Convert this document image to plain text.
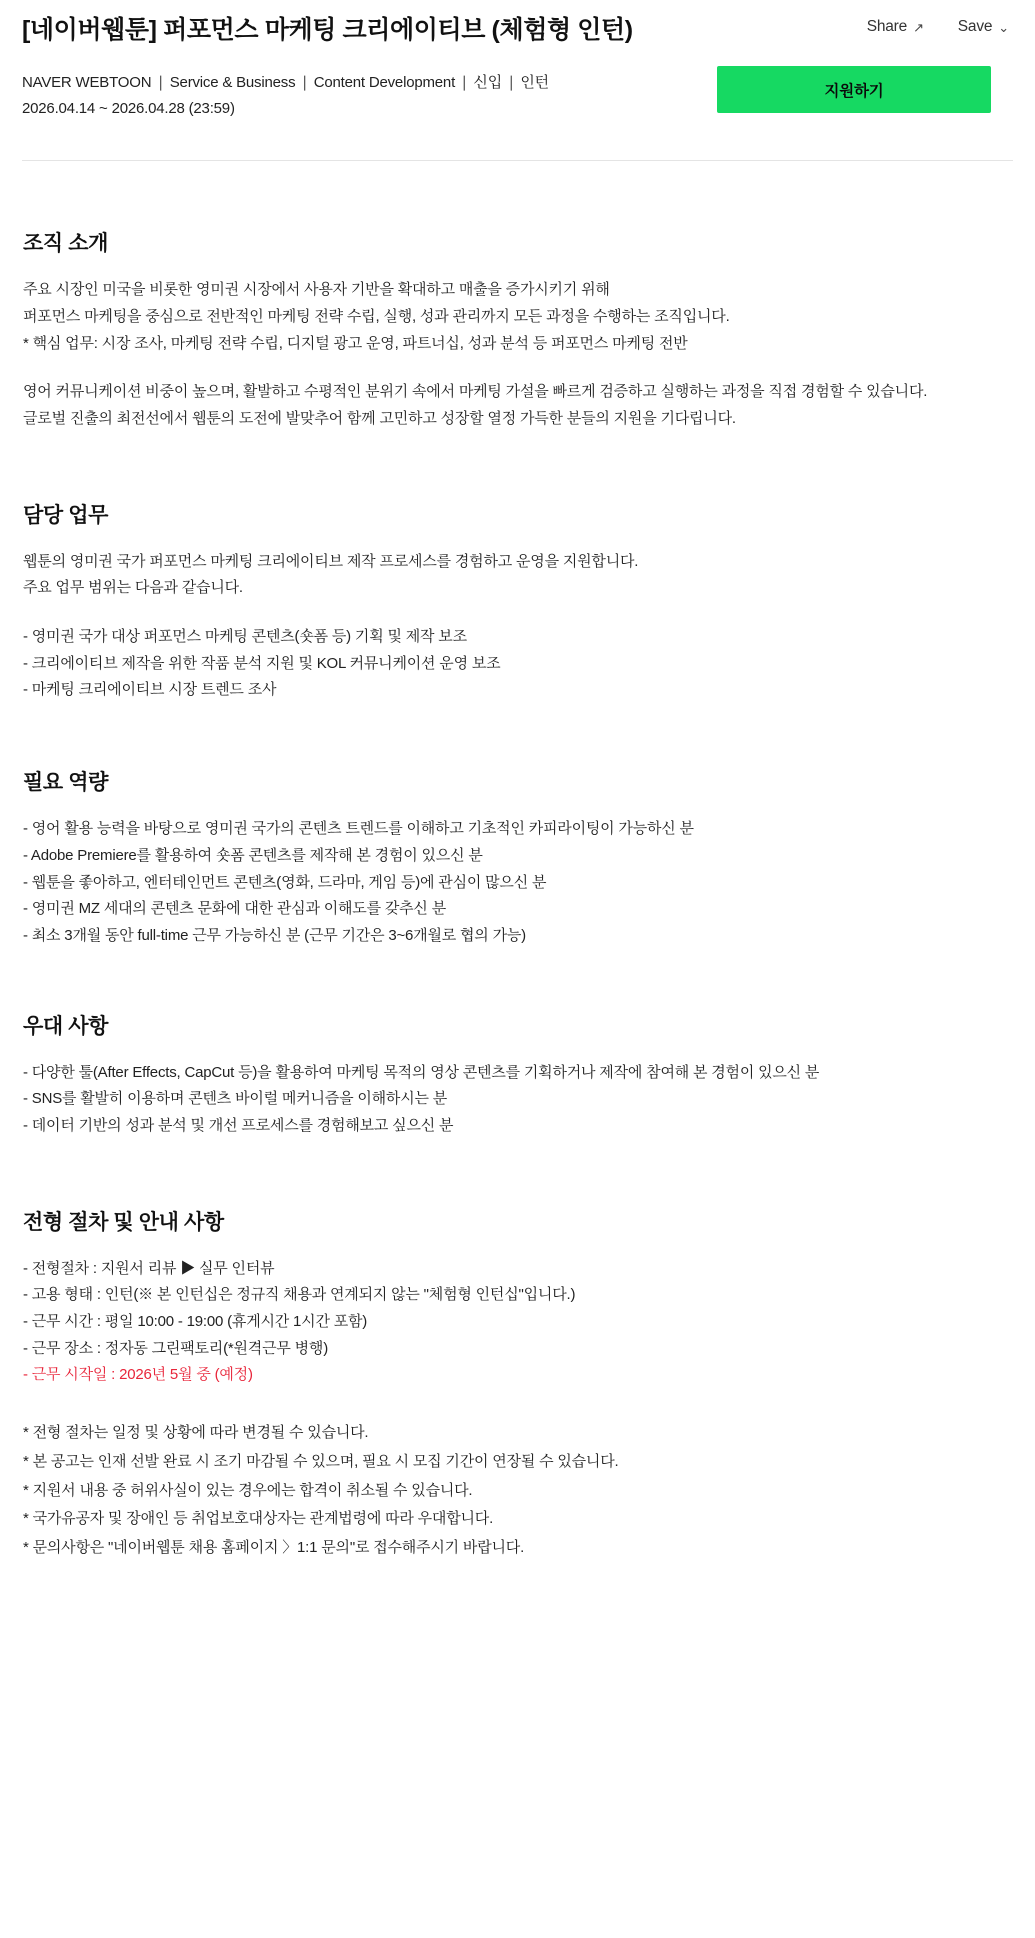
[네이버웹툰] 퍼포먼스 마케팅 크리에이티브 (체험형 인턴)	Share ↗ Save ⌄
NAVER WEBTOON ❘ Service & Business ❘ Content Development ❘ 신입 ❘ 인턴
2026.04.14 ~ 2026.04.28 (23:59)
지원하기
조직 소개

주요 시장인 미국을 비롯한 영미권 시장에서 사용자 기반을 확대하고 매출을 증가시키기 위해

퍼포먼스 마케팅을 중심으로 전반적인 마케팅 전략 수립, 실행, 성과 관리까지 모든 과정을 수행하는 조직입니다.

* 핵심 업무: 시장 조사, 마케팅 전략 수립, 디지털 광고 운영, 파트너십, 성과 분석 등 퍼포먼스 마케팅 전반

영어 커뮤니케이션 비중이 높으며, 활발하고 수평적인 분위기 속에서 마케팅 가설을 빠르게 검증하고 실행하는 과정을 직접 경험할 수 있습니다.

글로벌 진출의 최전선에서 웹툰의 도전에 발맞추어 함께 고민하고 성장할 열정 가득한 분들의 지원을 기다립니다.

담당 업무

웹툰의 영미권 국가 퍼포먼스 마케팅 크리에이티브 제작 프로세스를 경험하고 운영을 지원합니다.

주요 업무 범위는 다음과 같습니다.

- 영미권 국가 대상 퍼포먼스 마케팅 콘텐츠(숏폼 등) 기획 및 제작 보조
- 크리에이티브 제작을 위한 작품 분석 지원 및 KOL 커뮤니케이션 운영 보조
- 마케팅 크리에이티브 시장 트렌드 조사
필요 역량
- 영어 활용 능력을 바탕으로 영미권 국가의 콘텐츠 트렌드를 이해하고 기초적인 카피라이팅이 가능하신 분
- Adobe Premiere를 활용하여 숏폼 콘텐츠를 제작해 본 경험이 있으신 분
- 웹툰을 좋아하고, 엔터테인먼트 콘텐츠(영화, 드라마, 게임 등)에 관심이 많으신 분
- 영미권 MZ 세대의 콘텐츠 문화에 대한 관심과 이해도를 갖추신 분
- 최소 3개월 동안 full-time 근무 가능하신 분 (근무 기간은 3~6개월로 협의 가능)
우대 사항
- 다양한 툴(After Effects, CapCut 등)을 활용하여 마케팅 목적의 영상 콘텐츠를 기획하거나 제작에 참여해 본 경험이 있으신 분
- SNS를 활발히 이용하며 콘텐츠 바이럴 메커니즘을 이해하시는 분
- 데이터 기반의 성과 분석 및 개선 프로세스를 경험해보고 싶으신 분
전형 절차 및 안내 사항
- 전형절차 : 지원서 리뷰 ▶ 실무 인터뷰
- 고용 형태 : 인턴(※ 본 인턴십은 정규직 채용과 연계되지 않는 "체험형 인턴십"입니다.)
- 근무 시간 : 평일 10:00 - 19:00 (휴게시간 1시간 포함)
- 근무 장소 : 정자동 그린팩토리(*원격근무 병행)
- 근무 시작일 : 2026년 5월 중 (예정)
* 전형 절차는 일정 및 상황에 따라 변경될 수 있습니다.
* 본 공고는 인재 선발 완료 시 조기 마감될 수 있으며, 필요 시 모집 기간이 연장될 수 있습니다.
* 지원서 내용 중 허위사실이 있는 경우에는 합격이 취소될 수 있습니다.
* 국가유공자 및 장애인 등 취업보호대상자는 관계법령에 따라 우대합니다.
* 문의사항은 "네이버웹툰 채용 홈페이지 〉1:1 문의"로 접수해주시기 바랍니다.
